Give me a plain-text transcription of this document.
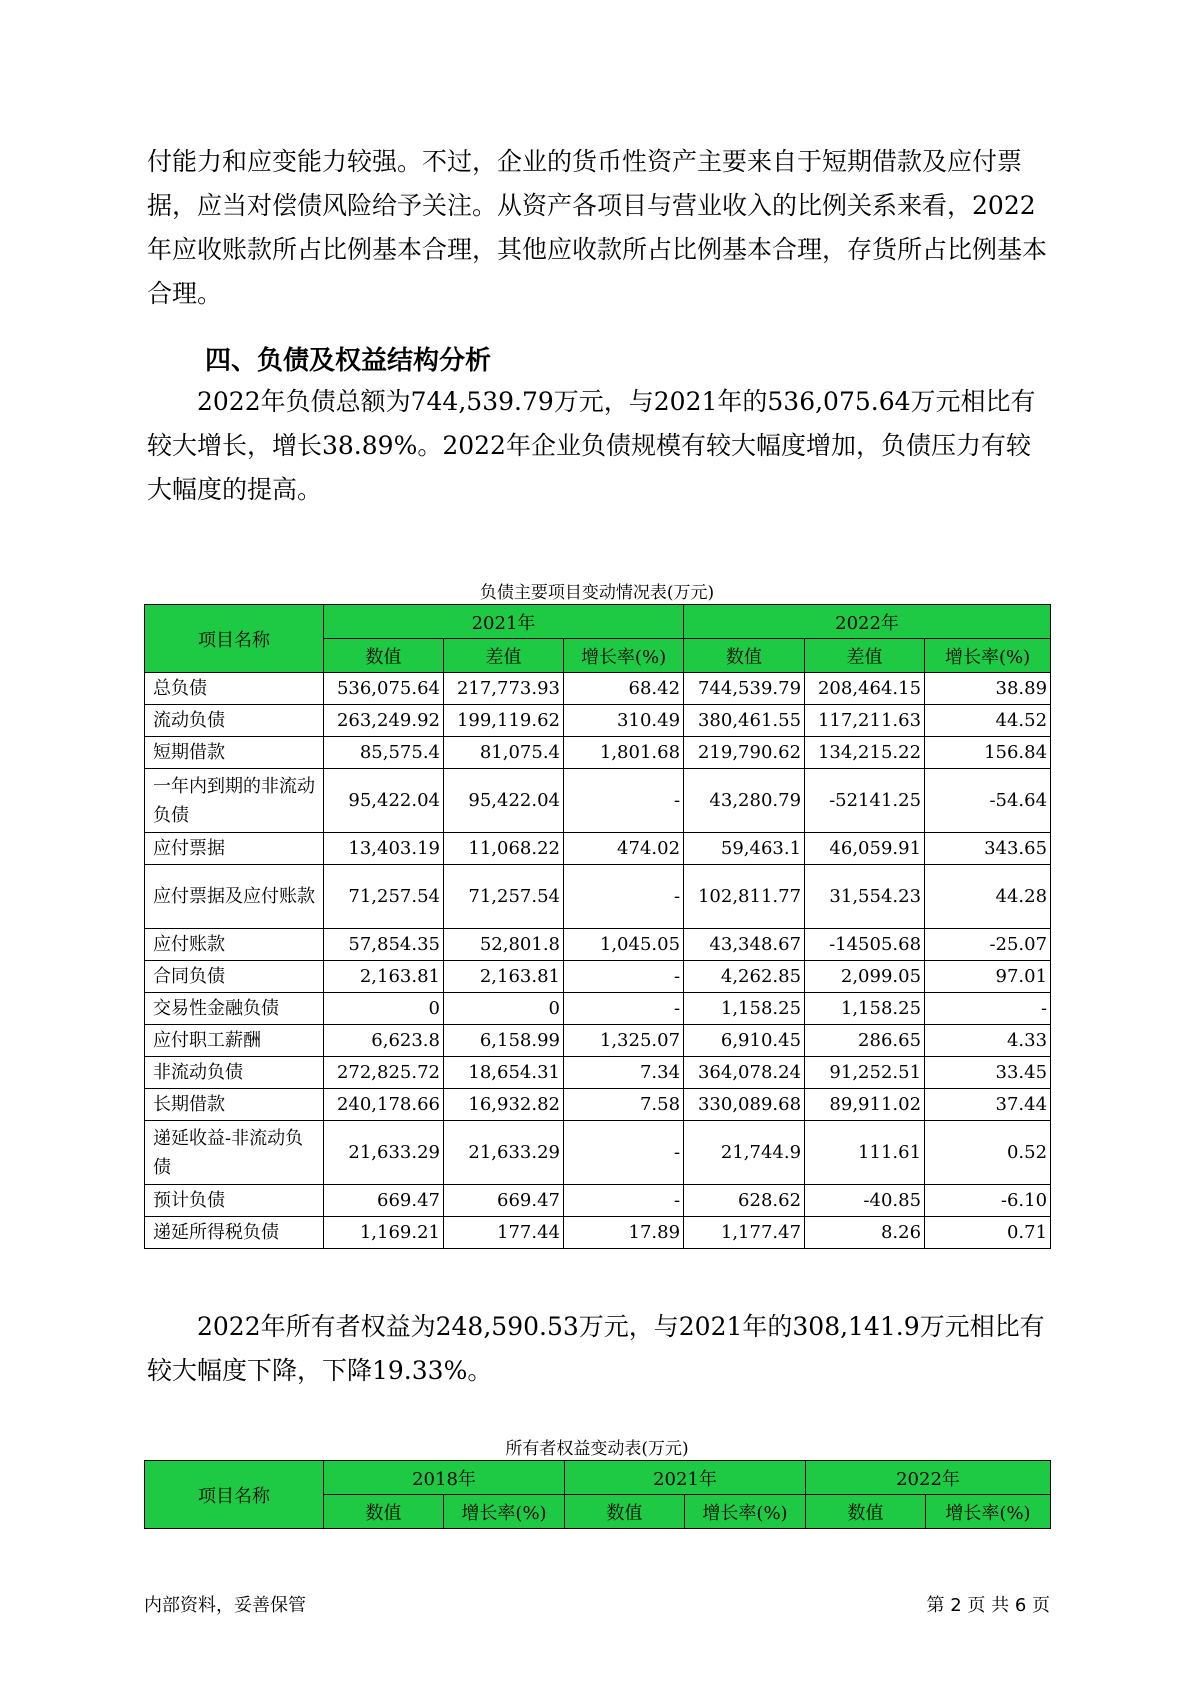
付能力和应变能力较强。不过，企业的货币性资产主要来自于短期借款及应付票据，应当对偿债风险给予关注。从资产各项目与营业收入的比例关系来看，2022年应收账款所占比例基本合理，其他应收款所占比例基本合理，存货所占比例基本合理。

四、负债及权益结构分析

2022年负债总额为744,539.79万元，与2021年的536,075.64万元相比有较大增长，增长38.89%。2022年企业负债规模有较大幅度增加，负债压力有较大幅度的提高。

负债主要项目变动情况表(万元)
项目名称	2021年			2022年		
	数值	差值	增长率(%)	数值	差值	增长率(%)
总负债	536,075.64	217,773.93	68.42	744,539.79	208,464.15	38.89
流动负债	263,249.92	199,119.62	310.49	380,461.55	117,211.63	44.52
短期借款	85,575.4	81,075.4	1,801.68	219,790.62	134,215.22	156.84
一年内到期的非流动负债	95,422.04	95,422.04	-	43,280.79	-52141.25	-54.64
应付票据	13,403.19	11,068.22	474.02	59,463.1	46,059.91	343.65
应付票据及应付账款	71,257.54	71,257.54	-	102,811.77	31,554.23	44.28
应付账款	57,854.35	52,801.8	1,045.05	43,348.67	-14505.68	-25.07
合同负债	2,163.81	2,163.81	-	4,262.85	2,099.05	97.01
交易性金融负债	0	0	-	1,158.25	1,158.25	-
应付职工薪酬	6,623.8	6,158.99	1,325.07	6,910.45	286.65	4.33
非流动负债	272,825.72	18,654.31	7.34	364,078.24	91,252.51	33.45
长期借款	240,178.66	16,932.82	7.58	330,089.68	89,911.02	37.44
递延收益-非流动负债	21,633.29	21,633.29	-	21,744.9	111.61	0.52
预计负债	669.47	669.47	-	628.62	-40.85	-6.10
递延所得税负债	1,169.21	177.44	17.89	1,177.47	8.26	0.71

2022年所有者权益为248,590.53万元，与2021年的308,141.9万元相比有较大幅度下降，下降19.33%。

所有者权益变动表(万元)
项目名称	2018年		2021年		2022年	
	数值	增长率(%)	数值	增长率(%)	数值	增长率(%)
内部资料，妥善保管	第 2 页 共 6 页
